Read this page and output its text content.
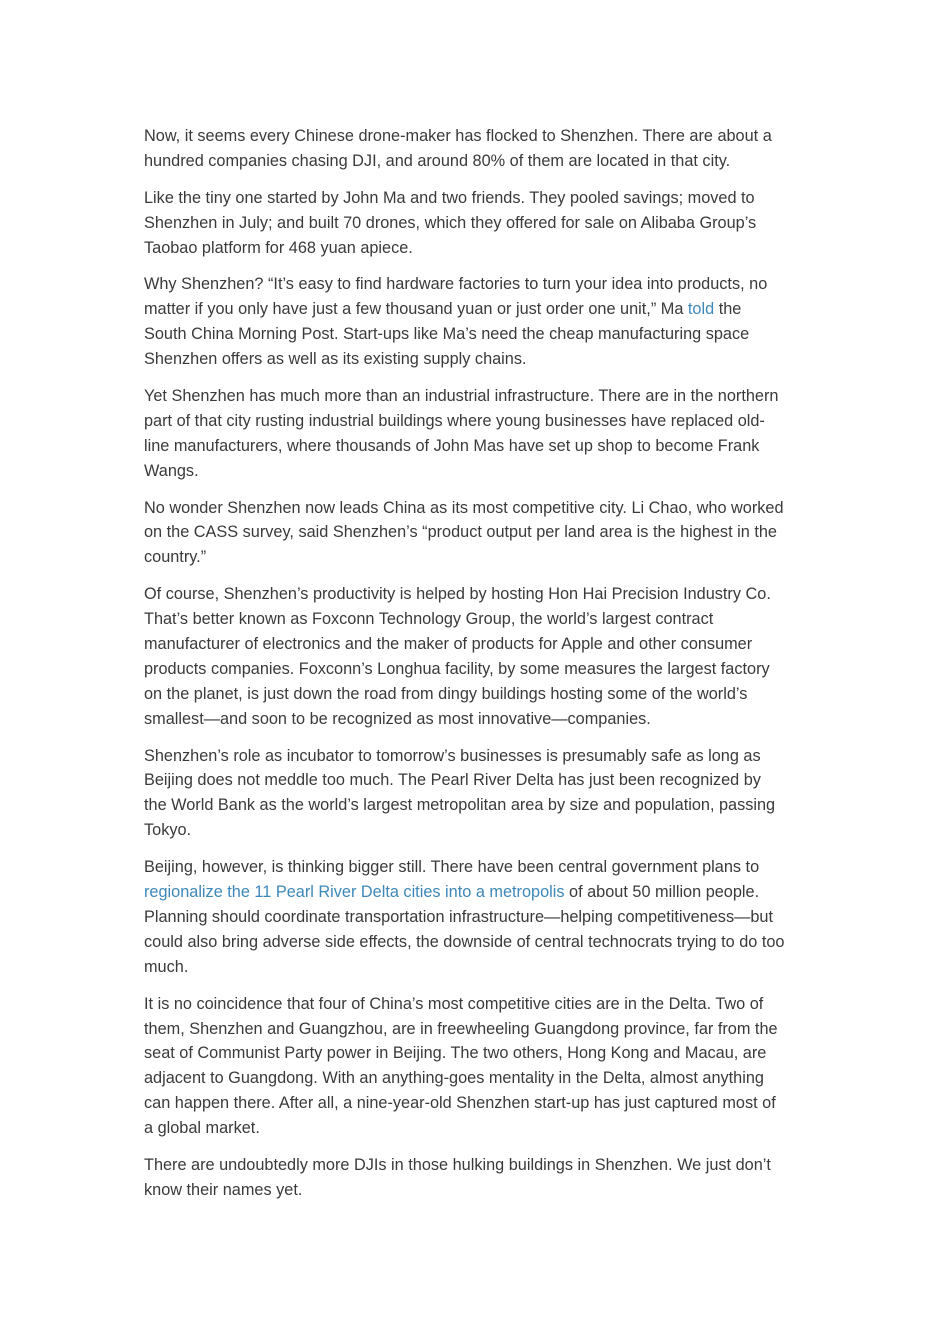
Now, it seems every Chinese drone-maker has flocked to Shenzhen. There are about a
hundred companies chasing DJI, and around 80% of them are located in that city.

Like the tiny one started by John Ma and two friends. They pooled savings; moved to
Shenzhen in July; and built 70 drones, which they offered for sale on Alibaba Group’s
Taobao platform for 468 yuan apiece.

Why Shenzhen? “It’s easy to find hardware factories to turn your idea into products, no
matter if you only have just a few thousand yuan or just order one unit,” Ma told the
South China Morning Post. Start-ups like Ma’s need the cheap manufacturing space
Shenzhen offers as well as its existing supply chains.

Yet Shenzhen has much more than an industrial infrastructure. There are in the northern
part of that city rusting industrial buildings where young businesses have replaced old-
line manufacturers, where thousands of John Mas have set up shop to become Frank
Wangs.

No wonder Shenzhen now leads China as its most competitive city. Li Chao, who worked
on the CASS survey, said Shenzhen’s “product output per land area is the highest in the
country.”

Of course, Shenzhen’s productivity is helped by hosting Hon Hai Precision Industry Co.
That’s better known as Foxconn Technology Group, the world’s largest contract
manufacturer of electronics and the maker of products for Apple and other consumer
products companies. Foxconn’s Longhua facility, by some measures the largest factory
on the planet, is just down the road from dingy buildings hosting some of the world’s
smallest—and soon to be recognized as most innovative—companies.

Shenzhen’s role as incubator to tomorrow’s businesses is presumably safe as long as
Beijing does not meddle too much. The Pearl River Delta has just been recognized by
the World Bank as the world’s largest metropolitan area by size and population, passing
Tokyo.

Beijing, however, is thinking bigger still. There have been central government plans to
regionalize the 11 Pearl River Delta cities into a metropolis of about 50 million people.
Planning should coordinate transportation infrastructure—helping competitiveness—but
could also bring adverse side effects, the downside of central technocrats trying to do too
much.

It is no coincidence that four of China’s most competitive cities are in the Delta. Two of
them, Shenzhen and Guangzhou, are in freewheeling Guangdong province, far from the
seat of Communist Party power in Beijing. The two others, Hong Kong and Macau, are
adjacent to Guangdong. With an anything-goes mentality in the Delta, almost anything
can happen there. After all, a nine-year-old Shenzhen start-up has just captured most of
a global market.

There are undoubtedly more DJIs in those hulking buildings in Shenzhen. We just don’t
know their names yet.
